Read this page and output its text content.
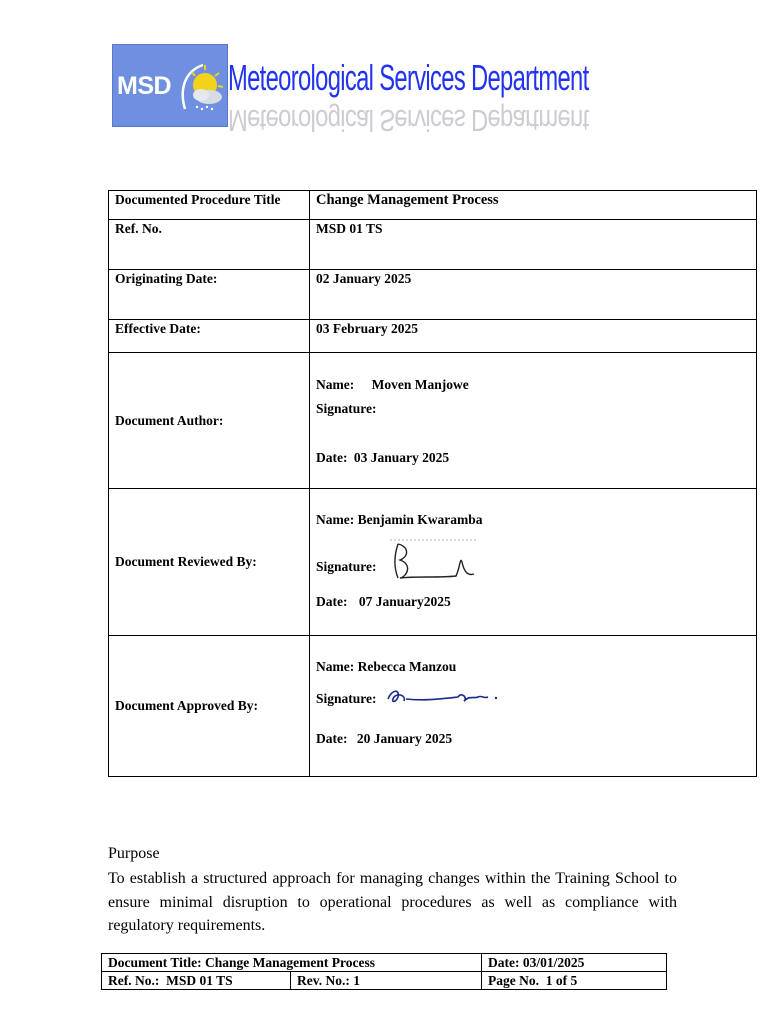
MSD
Meteorological Services Department
Meteorological Services Department
Documented Procedure Title	Change Management Process
Ref. No.	MSD 01 TS
Originating Date:	02 January 2025
Effective Date:	03 February 2025
Document Author:	Name: Moven Manjowe
Signature:
Date: 03 January 2025

Document Reviewed By:	Name: Benjamin Kwaramba
Signature:
Date: 07 January2025

Document Approved By:	Name: Rebecca Manzou
Signature:
Date: 20 January 2025
Purpose
To establish a structured approach for managing changes within the Training School to ensure minimal disruption to operational procedures as well as compliance with regulatory requirements.
Document Title: Change Management Process		Date: 03/01/2025
Ref. No.:  MSD 01 TS	Rev. No.: 1	Page No.  1 of 5
